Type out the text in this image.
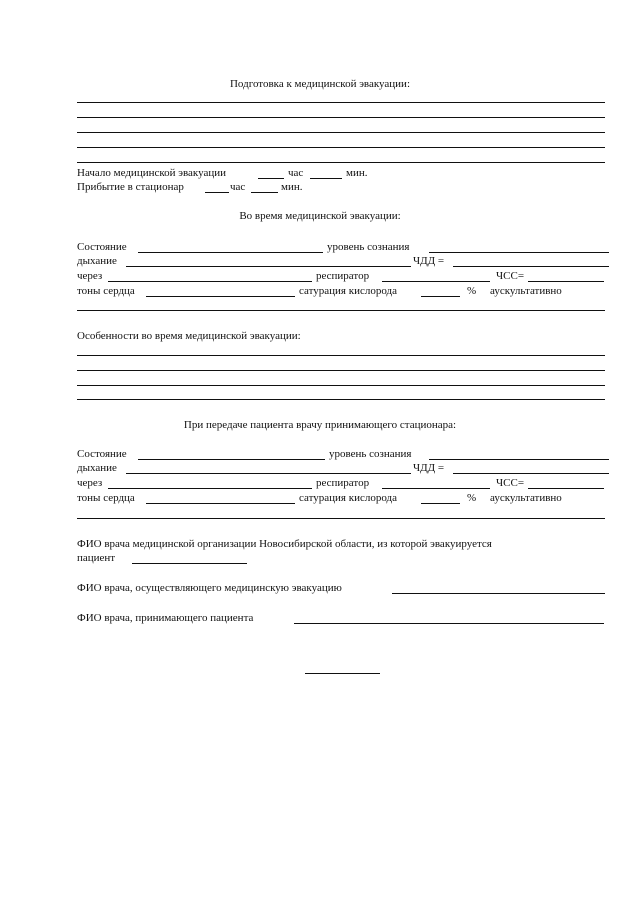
Подготовка к медицинской эвакуации:
Начало медицинской эвакуации	час	мин.
Прибытие в стационар	час	мин.
Во время медицинской эвакуации:
Состояние	уровень сознания
дыхание	ЧДД =
через	респиратор	ЧСС=
тоны сердца	сатурация кислорода	% аускультативно
Особенности во время медицинской эвакуации:
При передаче пациента врачу принимающего стационара:
Состояние	уровень сознания
дыхание	ЧДД =
через	респиратор	ЧСС=
тоны сердца	сатурация кислорода	% аускультативно
ФИО врача медицинской организации Новосибирской области, из которой эвакуируется
пациент
ФИО врача, осуществляющего медицинскую эвакуацию
ФИО врача, принимающего пациента
